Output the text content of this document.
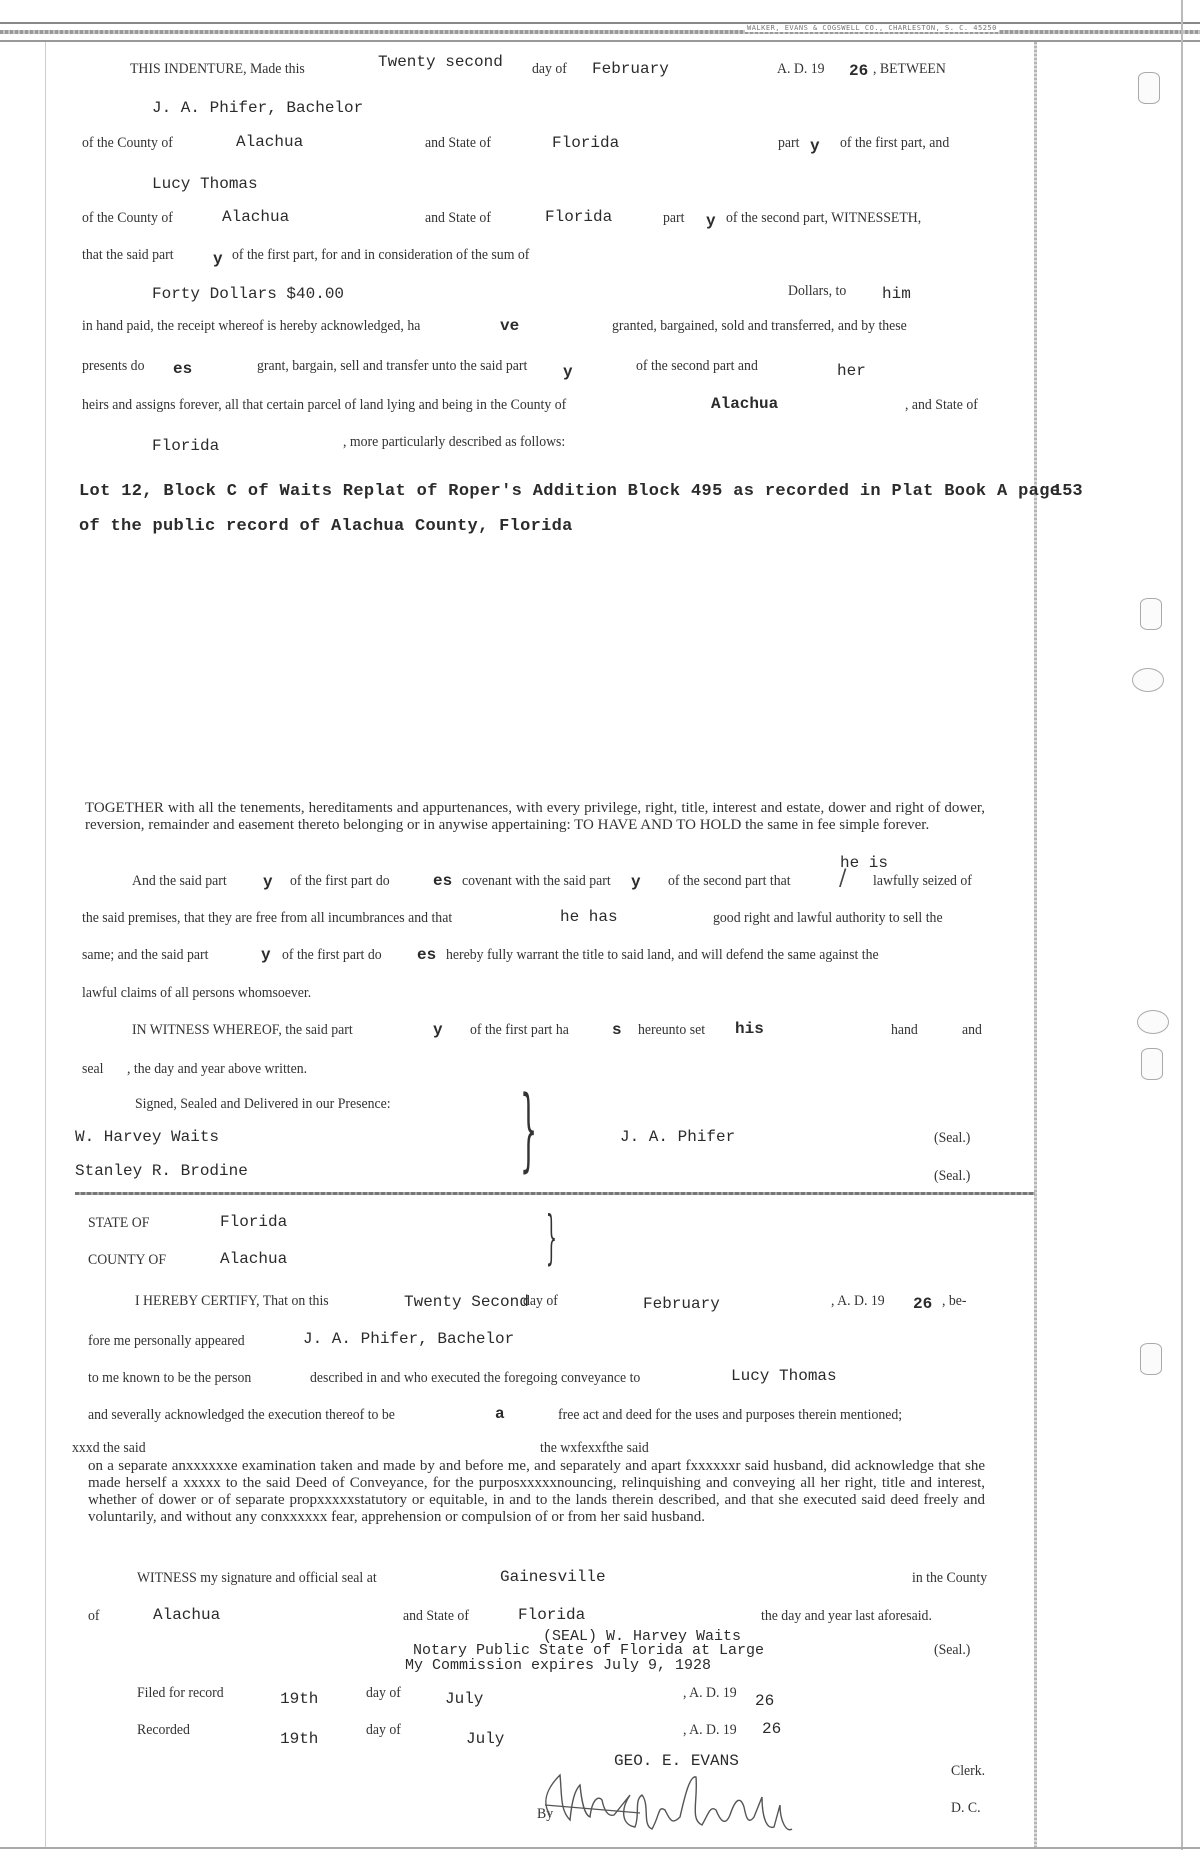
WALKER, EVANS & COGSWELL CO., CHARLESTON, S. C. 45250
THIS INDENTURE, Made this	Twenty second day of February	A. D. 19 26 , BETWEEN
J. A. Phifer, Bachelor
of the County of	Alachua	and State of	Florida	part y of the first part, and
Lucy Thomas
of the County of	Alachua	and State of	Florida	part y of the second part, WITNESSETH,
that the said part y of the first part, for and in consideration of the sum of
Forty Dollars $40.00	Dollars, to him
in hand paid, the receipt whereof is hereby acknowledged, ha	ve	granted, bargained, sold and transferred, and by these
presents do es	grant, bargain, sell and transfer unto the said part y	of the second part and	her
heirs and assigns forever, all that certain parcel of land lying and being in the County of	Alachua	, and State of
Florida	, more particularly described as follows:
Lot 12, Block C of Waits Replat of Roper's Addition Block 495 as recorded in Plat Book A page
153
of the public record of Alachua County, Florida
TOGETHER with all the tenements, hereditaments and appurtenances, with every privilege, right, title, interest and estate, dower and right of dower, reversion, remainder and easement thereto belonging or in anywise appertaining: TO HAVE AND TO HOLD the same in fee simple forever.
he is
And the said part y of the first part do	es covenant with the said part y of the second part that / lawfully seized of
the said premises, that they are free from all incumbrances and that	he has	good right and lawful authority to sell the
same; and the said part	y of the first part do es hereby fully warrant the title to said land, and will defend the same against the
lawful claims of all persons whomsoever.
IN WITNESS WHEREOF, the said part	y of the first part ha	s hereunto set his	hand	and
seal , the day and year above written.
Signed, Sealed and Delivered in our Presence:
W. Harvey Waits
Stanley R. Brodine	}	J. A. Phifer	(Seal.)
(Seal.)
STATE OF	Florida
COUNTY OF	Alachua	}
I HEREBY CERTIFY, That on this	Twenty Second
day of	February	, A. D. 19 26 , be-
fore me personally appeared	J. A. Phifer, Bachelor
to me known to be the person	described in and who executed the foregoing conveyance to	Lucy Thomas
and severally acknowledged the execution thereof to be	a	free act and deed for the uses and purposes therein mentioned;
xxxd the said	the wxfexxfthe said
on a separate anxxxxxxe examination taken and made by and before me, and separately and apart fxxxxxxr said husband, did acknowledge that she made herself a xxxxx to the said Deed of Conveyance, for the purposxxxxxnouncing, relinquishing and conveying all her right, title and interest, whether of dower or of separate propxxxxxstatutory or equitable, in and to the lands therein described, and that she executed said deed freely and voluntarily, and without any conxxxxxx fear, apprehension or compulsion of or from her said husband.
WITNESS my signature and official seal at	Gainesville	in the County
of	Alachua	and State of	Florida	the day and year last aforesaid.
(SEAL) W. Harvey Waits
Notary Public State of Florida at Large
My Commission expires July 9, 1928
(Seal.)
Filed for record	19th	day of	July	, A. D. 19 26
Recorded	19th	day of	July	, A. D. 19 26
GEO. E. EVANS
Clerk.
By	D. C.
